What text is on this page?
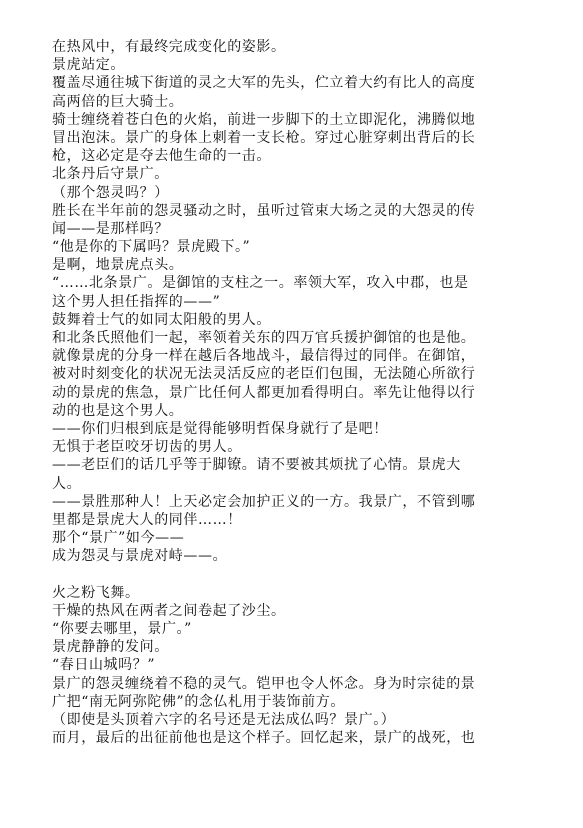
在热风中，有最终完成变化的姿影。
景虎站定。
覆盖尽通往城下街道的灵之大军的先头，伫立着大约有比人的高度
高两倍的巨大骑士。
骑士缠绕着苍白色的火焰，前进一步脚下的土立即泥化，沸腾似地
冒出泡沫。景广的身体上刺着一支长枪。穿过心脏穿刺出背后的长
枪，这必定是夺去他生命的一击。
北条丹后守景广。
（那个怨灵吗？）
胜长在半年前的怨灵骚动之时，虽听过管束大场之灵的大怨灵的传
闻——是那样吗？
“他是你的下属吗？景虎殿下。”
是啊，地景虎点头。
“……北条景广。是御馆的支柱之一。率领大军，攻入中郡，也是
这个男人担任指挥的——”
鼓舞着士气的如同太阳般的男人。
和北条氏照他们一起，率领着关东的四万官兵援护御馆的也是他。
就像景虎的分身一样在越后各地战斗，最信得过的同伴。在御馆，
被对时刻变化的状况无法灵活反应的老臣们包围，无法随心所欲行
动的景虎的焦急，景广比任何人都更加看得明白。率先让他得以行
动的也是这个男人。
——你们归根到底是觉得能够明哲保身就行了是吧！
无惧于老臣咬牙切齿的男人。
——老臣们的话几乎等于脚镣。请不要被其烦扰了心情。景虎大
人。
——景胜那种人！上天必定会加护正义的一方。我景广，不管到哪
里都是景虎大人的同伴……！
那个“景广”如今——
成为怨灵与景虎对峙——。
火之粉飞舞。
干燥的热风在两者之间卷起了沙尘。
“你要去哪里，景广。”
景虎静静的发问。
“春日山城吗？”
景广的怨灵缠绕着不稳的灵气。铠甲也令人怀念。身为时宗徒的景
广把“南无阿弥陀佛”的念仏札用于装饰前方。
（即使是头顶着六字的名号还是无法成仏吗？景广。）
而月，最后的出征前他也是这个样子。回忆起来，景广的战死，也
